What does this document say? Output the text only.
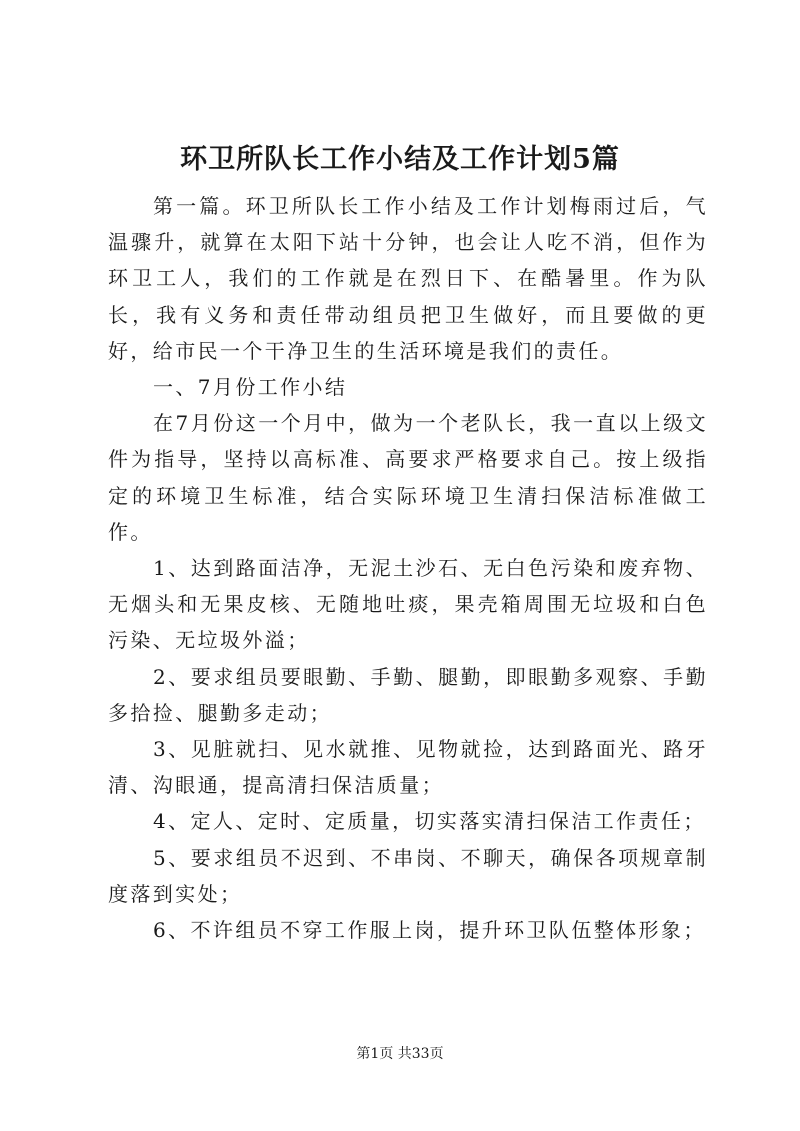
环卫所队长工作小结及工作计划5篇

第一篇。环卫所队长工作小结及工作计划梅雨过后，气温骤升，就算在太阳下站十分钟，也会让人吃不消，但作为环卫工人，我们的工作就是在烈日下、在酷暑里。作为队长，我有义务和责任带动组员把卫生做好，而且要做的更好，给市民一个干净卫生的生活环境是我们的责任。

一、7月份工作小结

在7月份这一个月中，做为一个老队长，我一直以上级文件为指导，坚持以高标准、高要求严格要求自己。按上级指定的环境卫生标准，结合实际环境卫生清扫保洁标准做工作。

1、达到路面洁净，无泥土沙石、无白色污染和废弃物、无烟头和无果皮核、无随地吐痰，果壳箱周围无垃圾和白色污染、无垃圾外溢；

2、要求组员要眼勤、手勤、腿勤，即眼勤多观察、手勤多拾捡、腿勤多走动；

3、见脏就扫、见水就推、见物就捡，达到路面光、路牙清、沟眼通，提高清扫保洁质量；

4、定人、定时、定质量，切实落实清扫保洁工作责任；

5、要求组员不迟到、不串岗、不聊天，确保各项规章制度落到实处；

6、不许组员不穿工作服上岗，提升环卫队伍整体形象；

第1页 共33页
